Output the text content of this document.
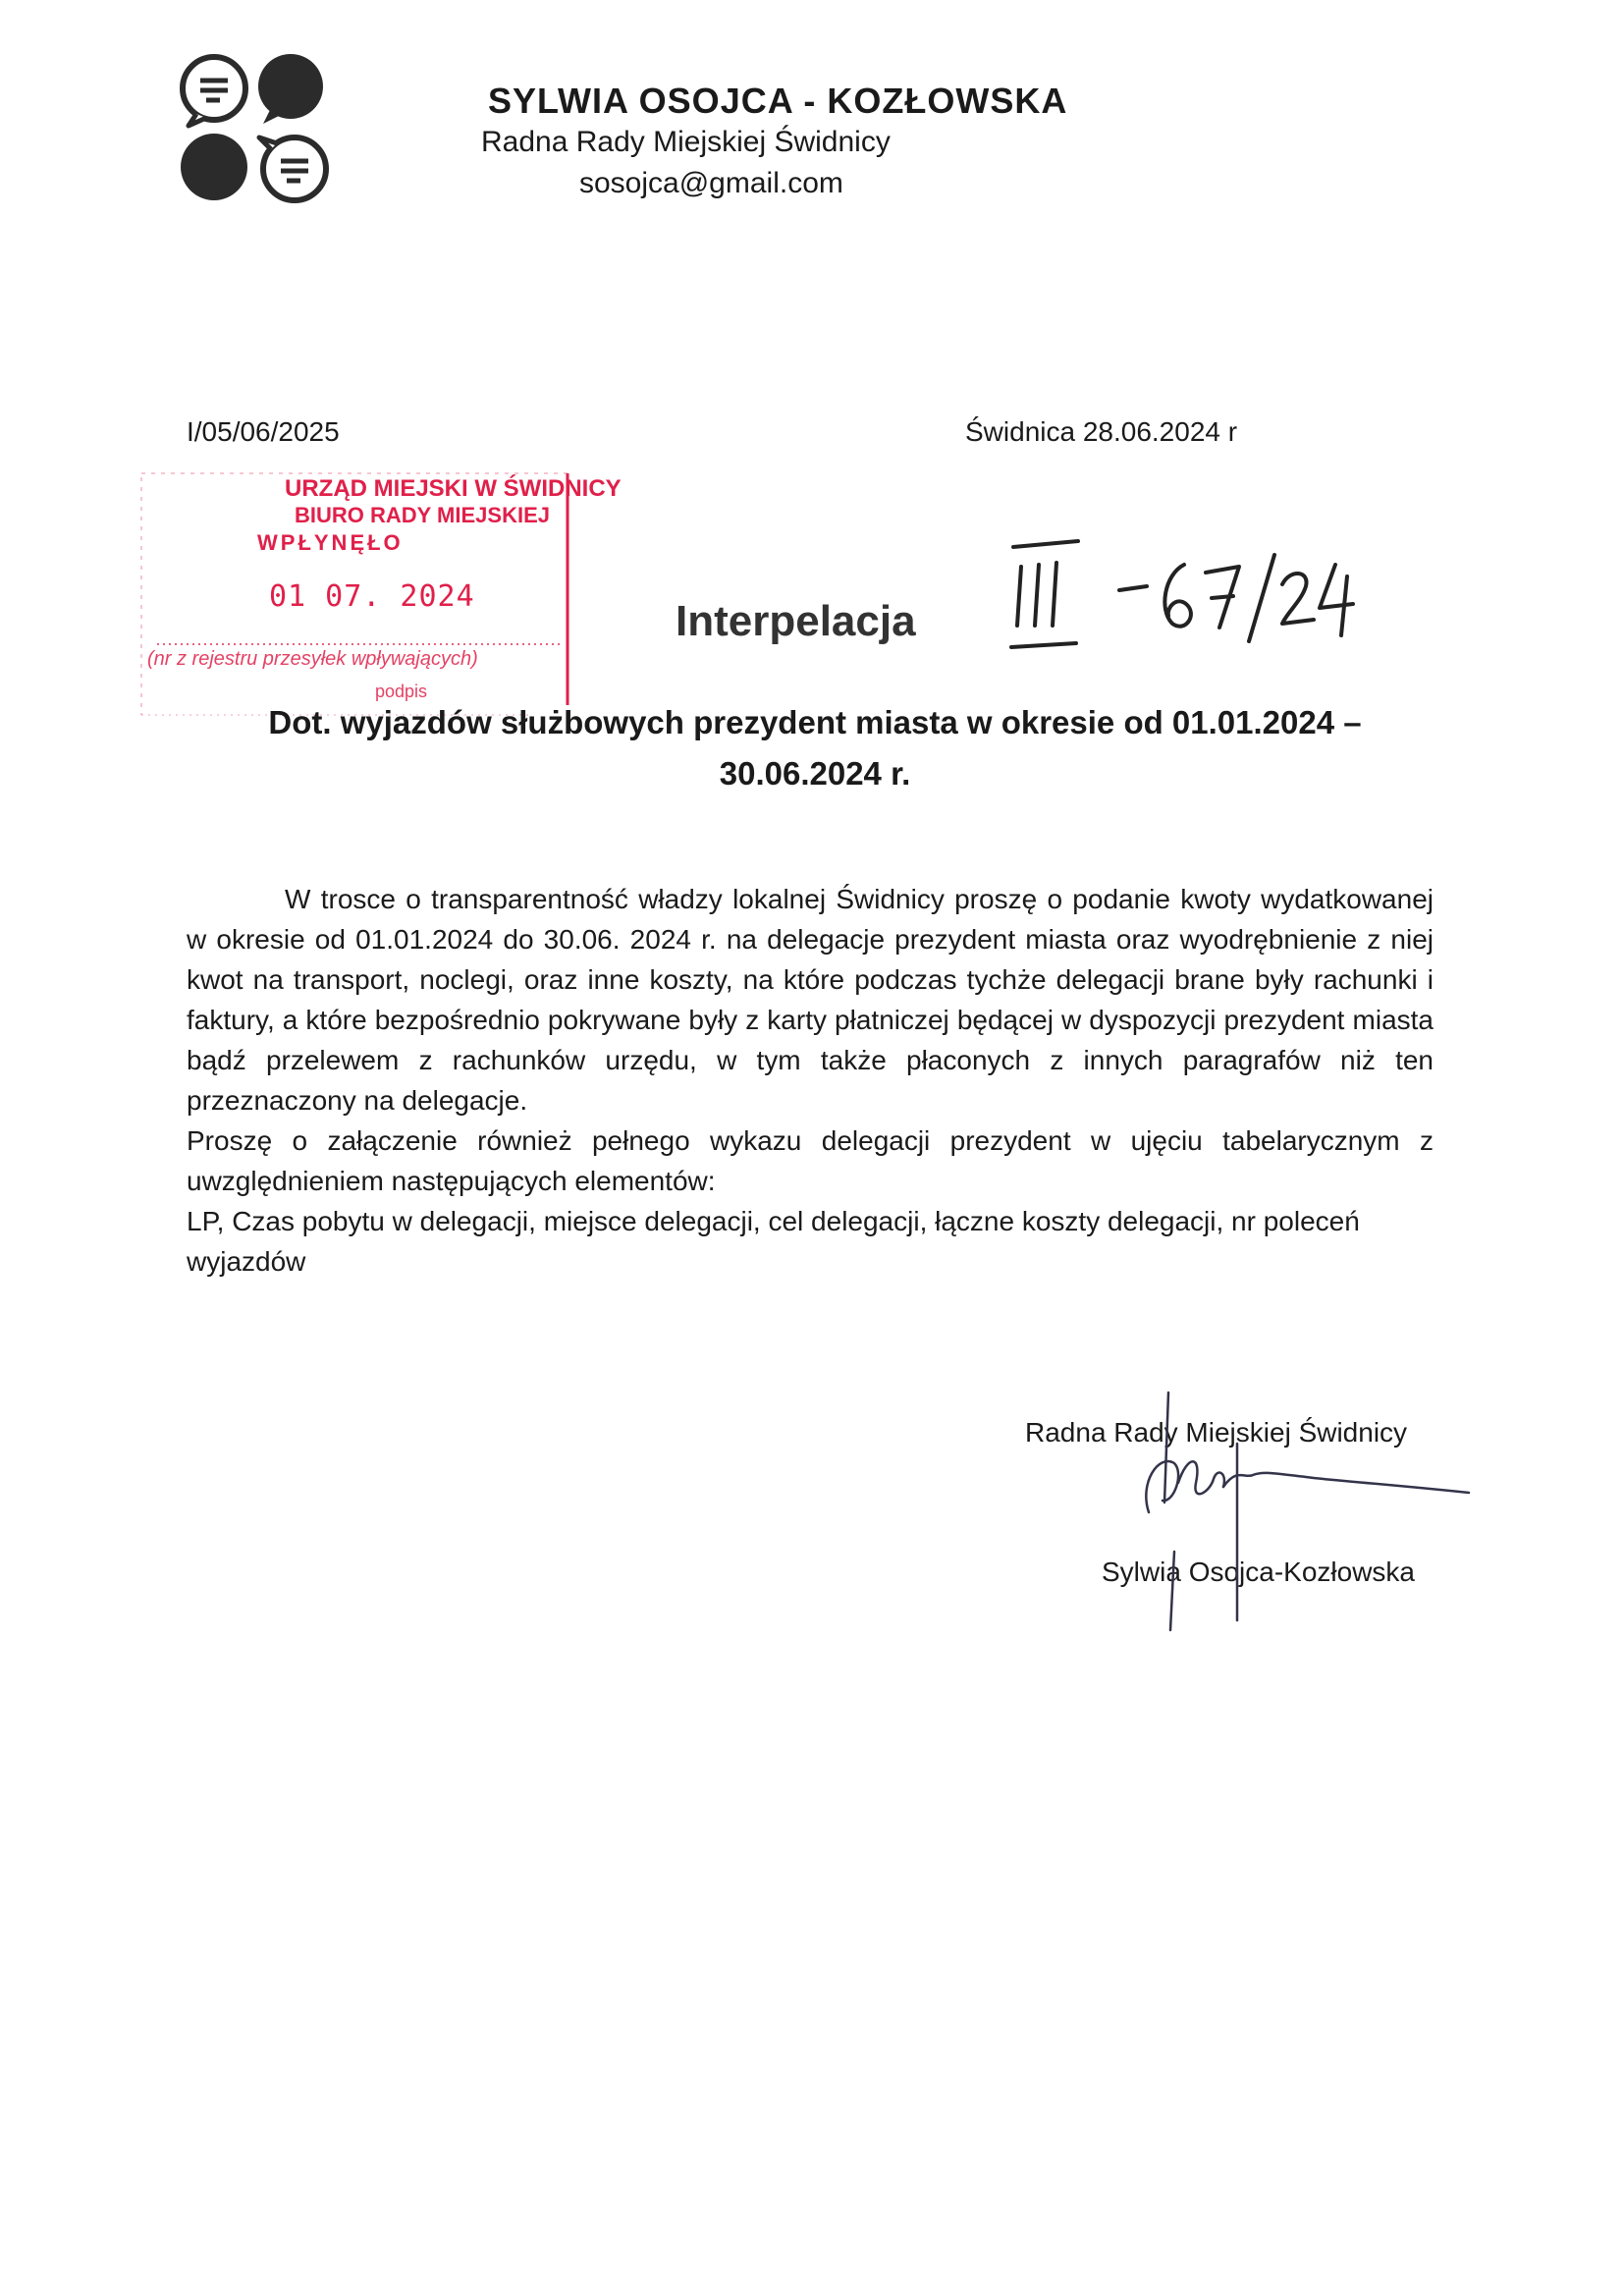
SYLWIA OSOJCA - KOZŁOWSKA
Radna Rady Miejskiej Świdnicy
sosojca@gmail.com
I/05/06/2025	Świdnica 28.06.2024 r
URZĄD MIEJSKI W ŚWIDNICY
BIURO RADY MIEJSKIEJ
WPŁYNĘŁO
01 07. 2024
(nr z rejestru przesyłek wpływających)
podpis
Interpelacja
Dot. wyjazdów służbowych prezydent miasta w okresie od 01.01.2024 –
30.06.2024 r.

W trosce o transparentność władzy lokalnej Świdnicy proszę o podanie kwoty wydatkowanej w okresie od 01.01.2024 do 30.06. 2024 r. na delegacje prezydent miasta oraz wyodrębnienie z niej kwot na transport, noclegi, oraz inne koszty, na które podczas tychże delegacji brane były rachunki i faktury, a które bezpośrednio pokrywane były z karty płatniczej będącej w dyspozycji prezydent miasta bądź przelewem z rachunków urzędu, w tym także płaconych z innych paragrafów niż ten przeznaczony na delegacje.

Proszę o załączenie również pełnego wykazu delegacji prezydent w ujęciu tabelarycznym z uwzględnieniem następujących elementów:

LP, Czas pobytu w delegacji, miejsce delegacji, cel delegacji, łączne koszty delegacji, nr poleceń wyjazdów

Radna Rady Miejskiej Świdnicy
Sylwia Osojca-Kozłowska
